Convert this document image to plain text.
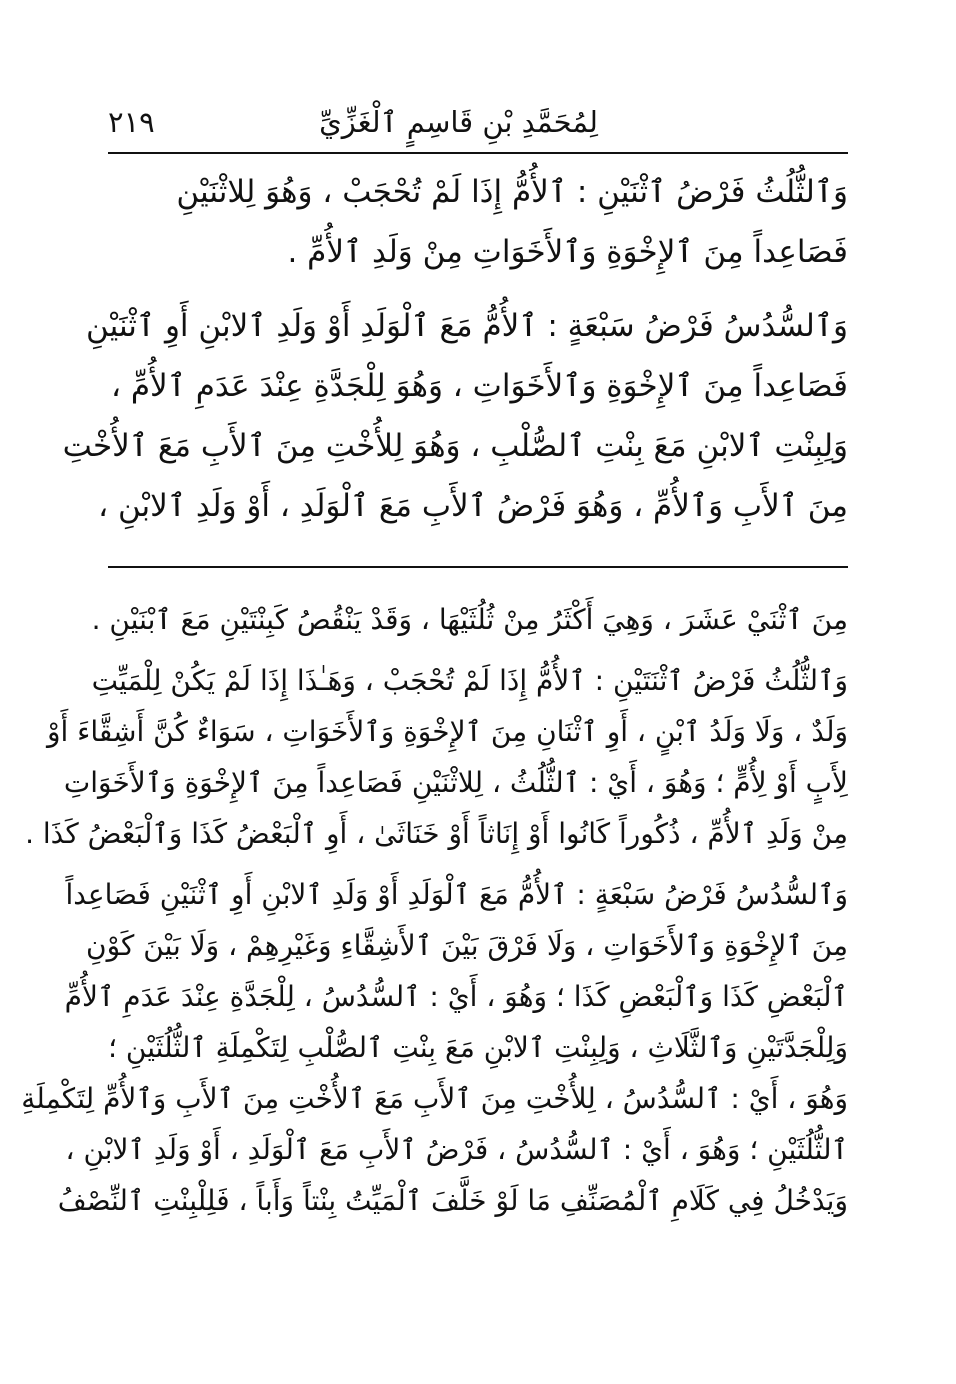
لِمُحَمَّدِ بْنِ قَاسِمٍ ٱلْغَزِّيِّ
٢١٩
وَٱلثُّلُثُ فَرْضُ ٱثْنَيْنِ : ٱلأُمُّ إِذَا لَمْ تُحْجَبْ ، وَهُوَ لِلاثْنَيْنِ
فَصَاعِداً مِنَ ٱلإِخْوَةِ وَٱلأَخَوَاتِ مِنْ وَلَدِ ٱلأُمِّ .
وَٱلسُّدُسُ فَرْضُ سَبْعَةٍ : ٱلأُمُّ مَعَ ٱلْوَلَدِ أَوْ وَلَدِ ٱلابْنِ أَوِ ٱثْنَيْنِ
فَصَاعِداً مِنَ ٱلإِخْوَةِ وَٱلأَخَوَاتِ ، وَهُوَ لِلْجَدَّةِ عِنْدَ عَدَمِ ٱلأُمِّ ،
وَلِبِنْتِ ٱلابْنِ مَعَ بِنْتِ ٱلصُّلْبِ ، وَهُوَ لِلأُخْتِ مِنَ ٱلأَبِ مَعَ ٱلأُخْتِ
مِنَ ٱلأَبِ وَٱلأُمِّ ، وَهُوَ فَرْضُ ٱلأَبِ مَعَ ٱلْوَلَدِ ، أَوْ وَلَدِ ٱلابْنِ ،
مِنَ ٱثْنَيْ عَشَرَ ، وَهِيَ أَكْثَرُ مِنْ ثُلُثَيْهَا ، وَقَدْ يَنْقُصُ كَبِنْتَيْنِ مَعَ ٱبْنَيْنِ .
وَٱلثُّلُثُ فَرْضُ ٱثْنَتَيْنِ : ٱلأُمُّ إِذَا لَمْ تُحْجَبْ ، وَهَـٰذَا إِذَا لَمْ يَكُنْ لِلْمَيِّتِ
وَلَدٌ ، وَلَا وَلَدُ ٱبْنٍ ، أَوِ ٱثْنَانِ مِنَ ٱلإِخْوَةِ وَٱلأَخَوَاتِ ، سَوَاءٌ كُنَّ أَشِقَّاءَ أَوْ
لِأَبٍ أَوْ لِأُمٍّ ؛ وَهُوَ ، أَيْ : ٱلثُّلُثُ ، لِلاثْنَيْنِ فَصَاعِداً مِنَ ٱلإِخْوَةِ وَٱلأَخَوَاتِ
مِنْ وَلَدِ ٱلأُمِّ ، ذُكُوراً كَانُوا أَوْ إِنَاثاً أَوْ خَنَاثَىٰ ، أَوِ ٱلْبَعْضُ كَذَا وَٱلْبَعْضُ كَذَا .
وَٱلسُّدُسُ فَرْضُ سَبْعَةٍ : ٱلأُمُّ مَعَ ٱلْوَلَدِ أَوْ وَلَدِ ٱلابْنِ أَوِ ٱثْنَيْنِ فَصَاعِداً
مِنَ ٱلإِخْوَةِ وَٱلأَخَوَاتِ ، وَلَا فَرْقَ بَيْنَ ٱلأَشِقَّاءِ وَغَيْرِهِمْ ، وَلَا بَيْنَ كَوْنِ
ٱلْبَعْضِ كَذَا وَٱلْبَعْضِ كَذَا ؛ وَهُوَ ، أَيْ : ٱلسُّدُسُ ، لِلْجَدَّةِ عِنْدَ عَدَمِ ٱلأُمِّ
وَلِلْجَدَّتَيْنِ وَٱلثَّلَاثِ ، وَلِبِنْتِ ٱلابْنِ مَعَ بِنْتِ ٱلصُّلْبِ لِتَكْمِلَةِ ٱلثُّلُثَيْنِ ؛
وَهُوَ ، أَيْ : ٱلسُّدُسُ ، لِلأُخْتِ مِنَ ٱلأَبِ مَعَ ٱلأُخْتِ مِنَ ٱلأَبِ وَٱلأُمِّ لِتَكْمِلَةِ
ٱلثُّلُثَيْنِ ؛ وَهُوَ ، أَيْ : ٱلسُّدُسُ ، فَرْضُ ٱلأَبِ مَعَ ٱلْوَلَدِ ، أَوْ وَلَدِ ٱلابْنِ ،
وَيَدْخُلُ فِي كَلَامِ ٱلْمُصَنِّفِ مَا لَوْ خَلَّفَ ٱلْمَيِّتُ بِنْتاً وَأَباً ، فَلِلْبِنْتِ ٱلنِّصْفُ
